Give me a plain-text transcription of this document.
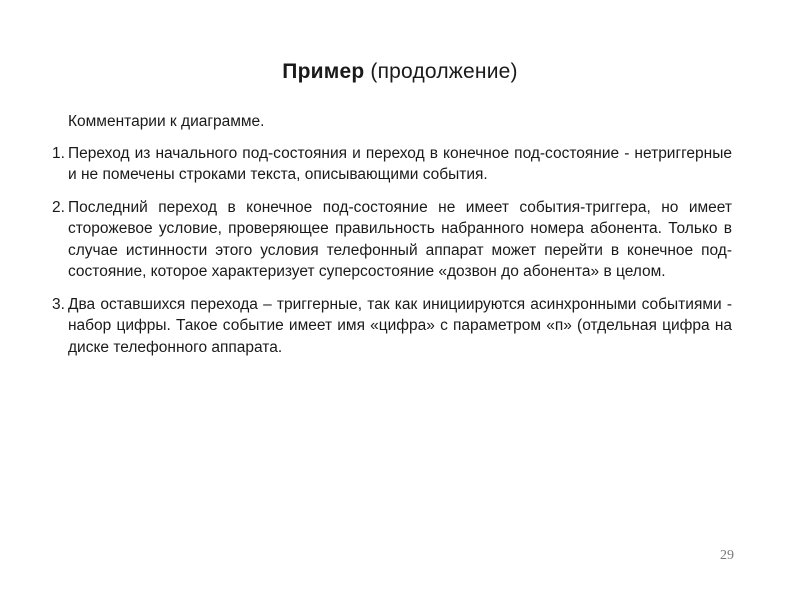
Пример (продолжение)
Комментарии к диаграмме.
1. Переход из начального под-состояния и переход в конечное под-состояние - нетриггерные и не помечены строками текста, описывающими события.
2. Последний переход в конечное под-состояние не имеет события-триггера, но имеет сторожевое условие, проверяющее правильность набранного номера абонента. Только в случае истинности этого условия телефонный аппарат может перейти в конечное под-состояние, которое характеризует суперсостояние «дозвон до абонента» в целом.
3. Два оставшихся перехода – триггерные, так как инициируются асинхронными событиями - набор цифры. Такое событие имеет имя «цифра» с параметром «п» (отдельная цифра на диске телефонного аппарата.
29
